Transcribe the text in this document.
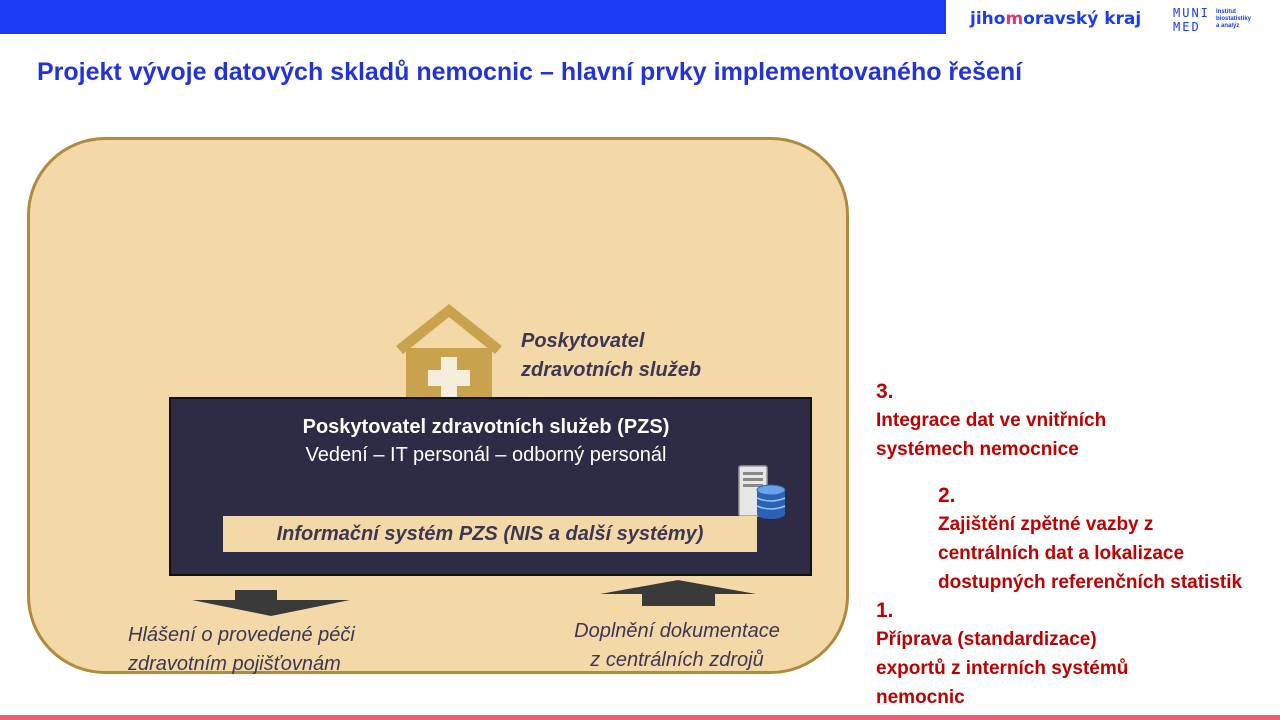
jihomoravský kraj	MUNI
MED
Institut biostatistiky a analýz
Projekt vývoje datových skladů nemocnic – hlavní prvky implementovaného řešení
Poskytovatel
zdravotních služeb
Poskytovatel zdravotních služeb (PZS)
Vedení – IT personál – odborný personál
Informační systém PZS (NIS a další systémy)
Hlášení o provedené péči
zdravotním pojišťovnám
Doplnění dokumentace
z centrálních zdrojů
3.
Integrace dat ve vnitřních
systémech nemocnice
2.
Zajištění zpětné vazby z
centrálních dat a lokalizace
dostupných referenčních statistik
1.
Příprava (standardizace)
exportů z interních systémů
nemocnic
